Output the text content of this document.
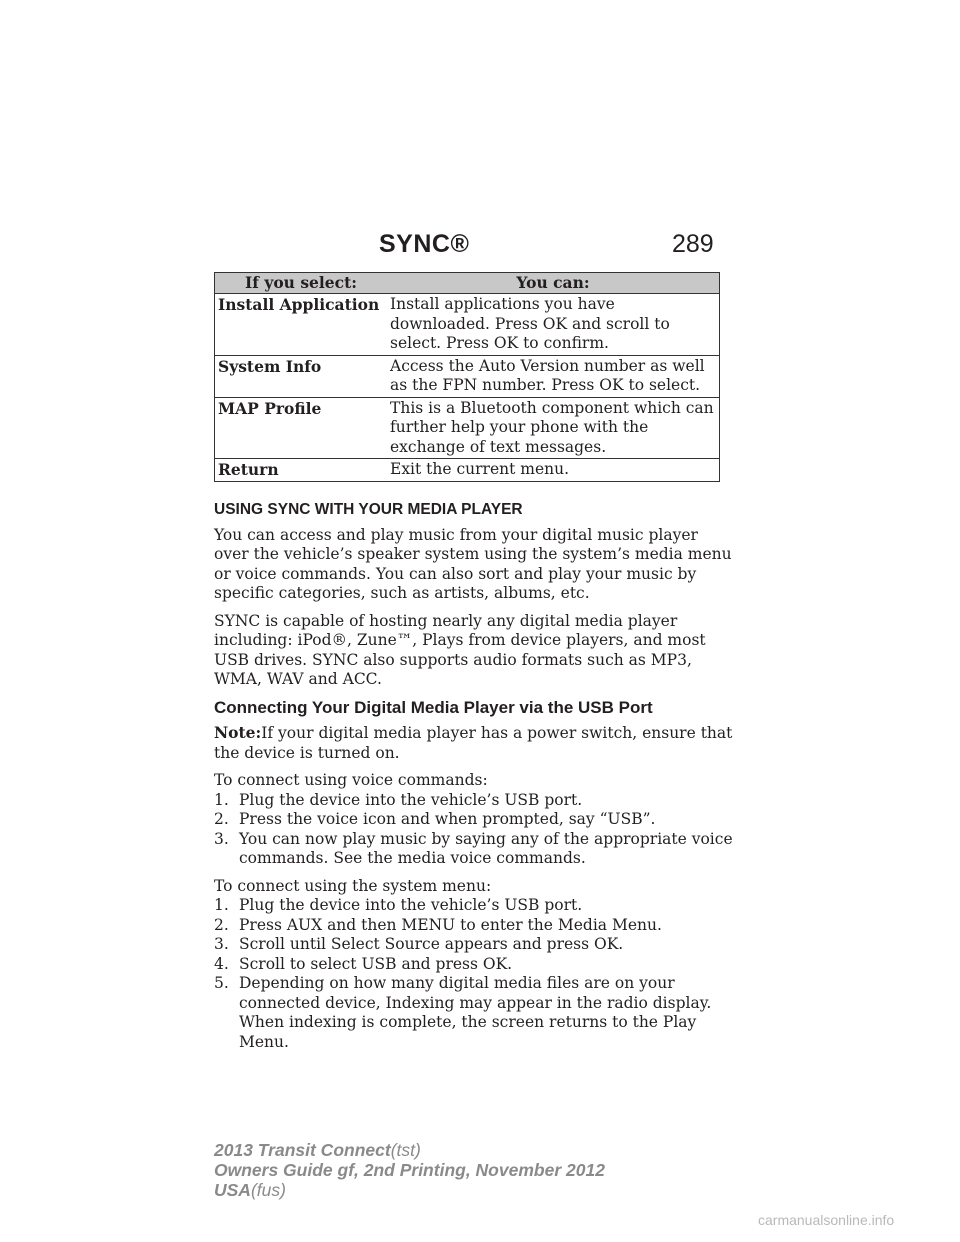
SYNC®	289
If you select:	You can:
Install Application	Install applications you have downloaded. Press OK and scroll to select. Press OK to confirm.
System Info	Access the Auto Version number as well as the FPN number. Press OK to select.
MAP Profile	This is a Bluetooth component which can further help your phone with the exchange of text messages.
Return	Exit the current menu.
USING SYNC WITH YOUR MEDIA PLAYER

You can access and play music from your digital music player over the vehicle’s speaker system using the system’s media menu or voice commands. You can also sort and play your music by specific categories, such as artists, albums, etc.

SYNC is capable of hosting nearly any digital media player including: iPod®, Zune™, Plays from device players, and most USB drives. SYNC also supports audio formats such as MP3, WMA, WAV and ACC.

Connecting Your Digital Media Player via the USB Port

Note:If your digital media player has a power switch, ensure that the device is turned on.

To connect using voice commands:

1. Plug the device into the vehicle’s USB port.
2. Press the voice icon and when prompted, say “USB”.
3. You can now play music by saying any of the appropriate voice commands. See the media voice commands.

To connect using the system menu:

1. Plug the device into the vehicle’s USB port.
2. Press AUX and then MENU to enter the Media Menu.
3. Scroll until Select Source appears and press OK.
4. Scroll to select USB and press OK.
5. Depending on how many digital media files are on your connected device, Indexing may appear in the radio display. When indexing is complete, the screen returns to the Play Menu.
2013 Transit Connect(tst)
Owners Guide gf, 2nd Printing, November 2012
USA(fus)
carmanualsonline.info
